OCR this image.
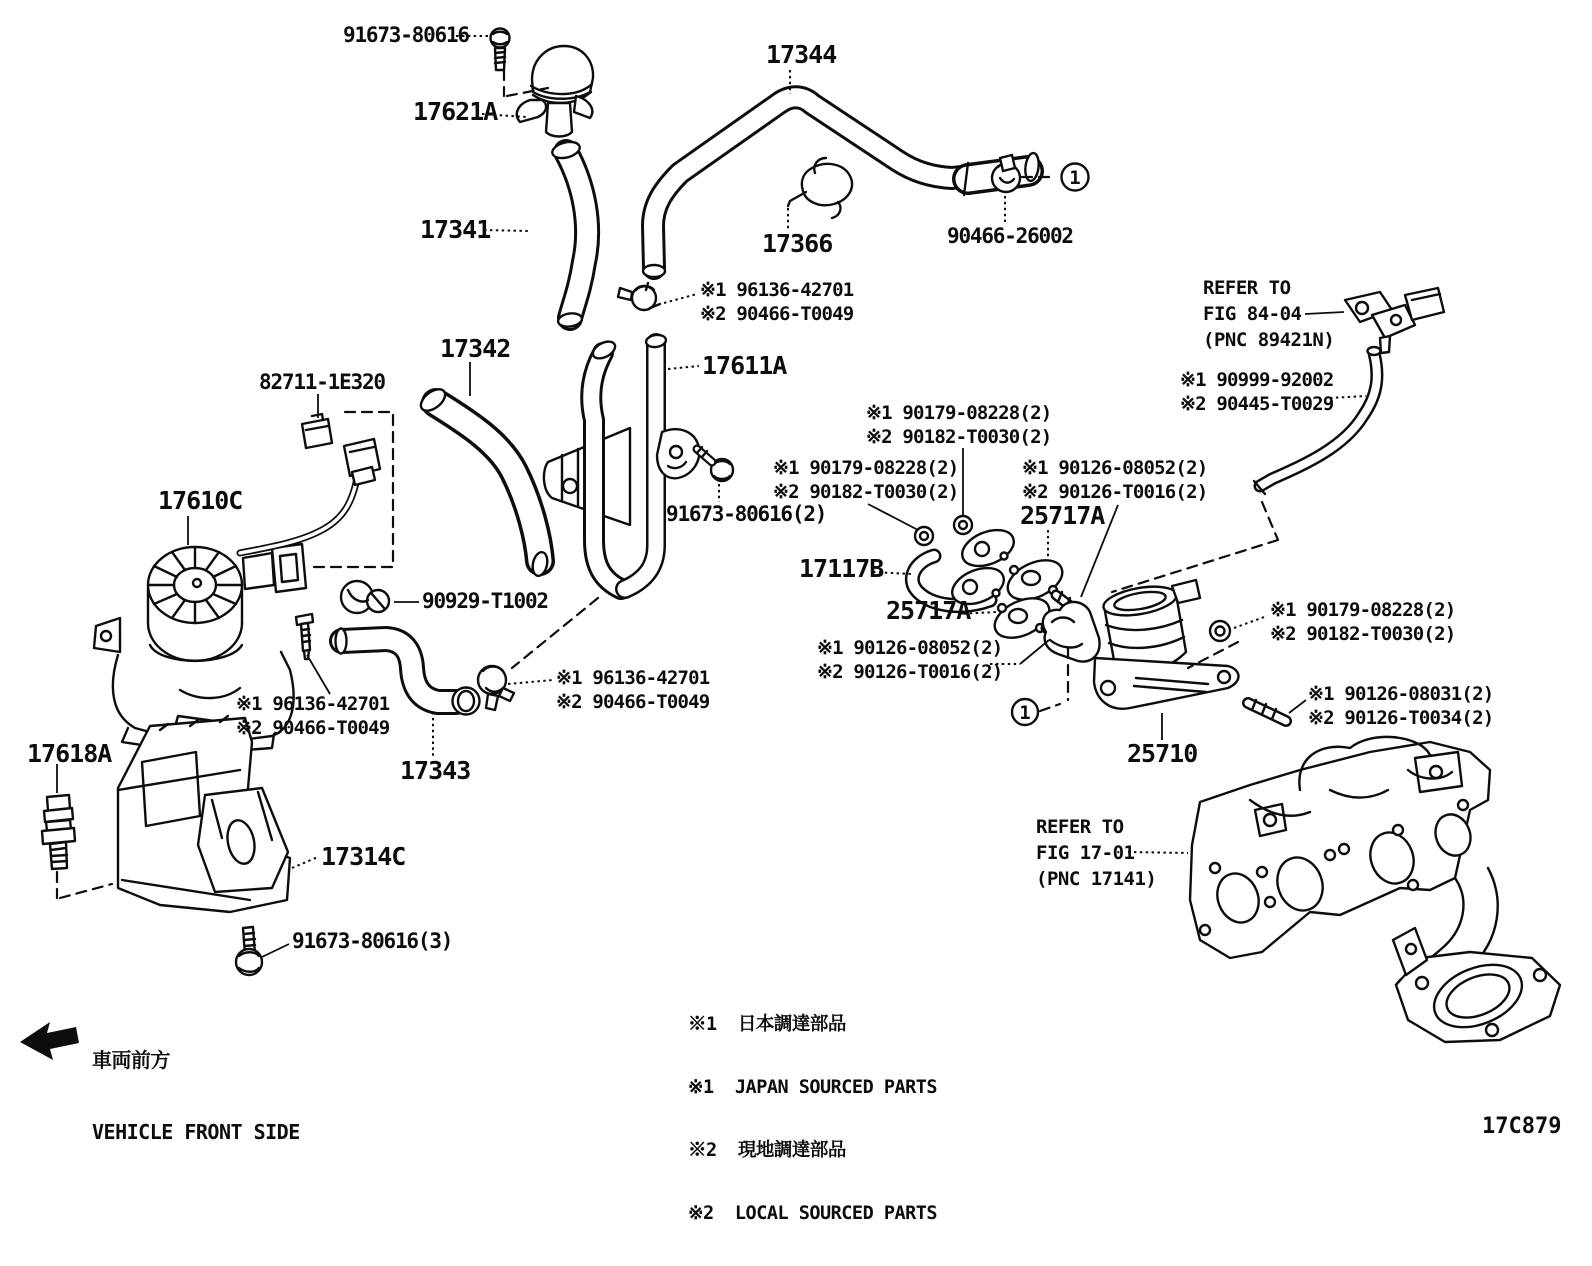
1
1
91673-80616
17621A
17344
17341	17366	90466-26002
※1 96136-42701
※2 90466-T0049
17342
82711-1E320
17611A
REFER TO
FIG 84-04
(PNC 89421N)
※1 90999-92002
※2 90445-T0029
※1 90179-08228(2)
※2 90182-T0030(2)
※1 90179-08228(2)
※2 90182-T0030(2)
※1 90126-08052(2)
※2 90126-T0016(2)
25717A
17610C	91673-80616(2)
17117B
90929-T1002	25717A	※1 90179-08228(2)
※2 90182-T0030(2)
※1 90126-08052(2)
※2 90126-T0016(2)
※1 96136-42701
※2 90466-T0049
※1 96136-42701
※2 90466-T0049	※1 90126-08031(2)
※2 90126-T0034(2)
17618A
17343
25710
17314C
REFER TO
FIG 17-01
(PNC 17141)
91673-80616(3)

※1  日本調達部品

※1  JAPAN SOURCED PARTS

※2  現地調達部品

※2  LOCAL SOURCED PARTS

車両前方

VEHICLE FRONT SIDE

	17C879
